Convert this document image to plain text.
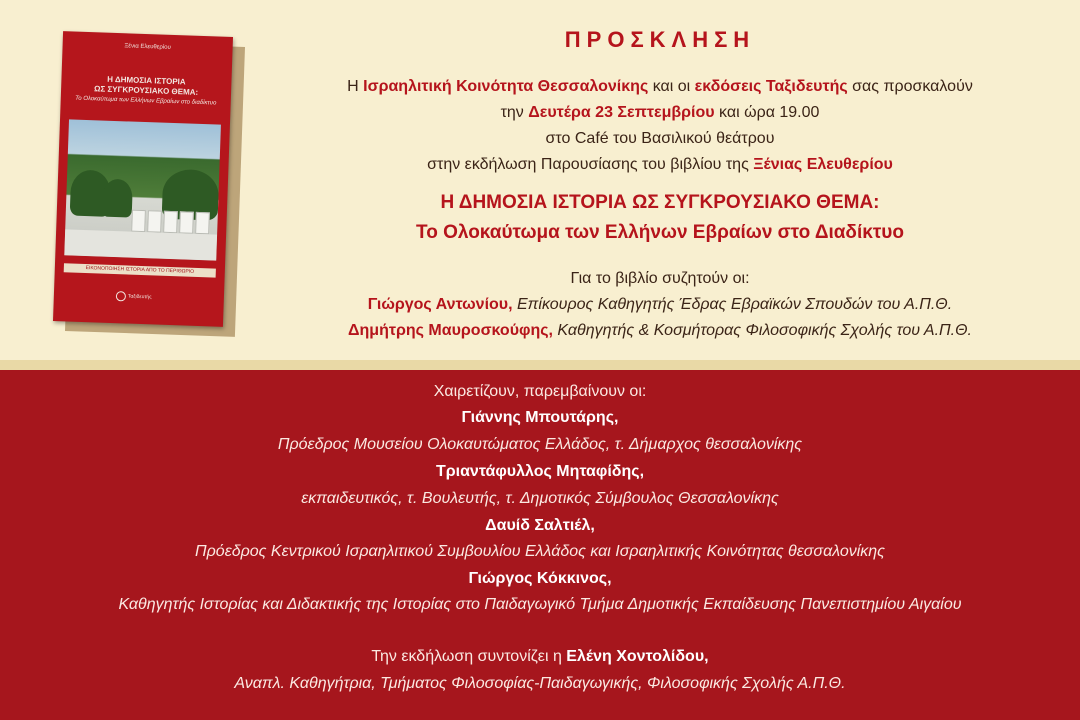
Ξένια Ελευθερίου
Η ΔΗΜΟΣΙΑ ΙΣΤΟΡΙΑ
ΩΣ ΣΥΓΚΡΟΥΣΙΑΚΟ ΘΕΜΑ:
Το Ολοκαύτωμα των Ελλήνων Εβραίων στο διαδίκτυο
ΕΙΚΟΝΟΠΟΙΗΣΗ ΙΣΤΟΡΙΑ ΑΠΟ ΤΟ ΠΕΡΙΘΩΡΙΟ
Ταξιδευτής
ΠΡΟΣΚΛΗΣΗ
Η Ισραηλιτική Κοινότητα Θεσσαλονίκης και οι εκδόσεις Ταξιδευτής σας προσκαλούν
την Δευτέρα 23 Σεπτεμβρίου και ώρα 19.00
στο Café του Βασιλικού θεάτρου
στην εκδήλωση Παρουσίασης του βιβλίου της Ξένιας Ελευθερίου
Η ΔΗΜΟΣΙΑ ΙΣΤΟΡΙΑ ΩΣ ΣΥΓΚΡΟΥΣΙΑΚΟ ΘΕΜΑ:
Το Ολοκαύτωμα των Ελλήνων Εβραίων στο Διαδίκτυο
Για το βιβλίο συζητούν οι:
Γιώργος Αντωνίου, Επίκουρος Καθηγητής Έδρας Εβραϊκών Σπουδών του Α.Π.Θ.
Δημήτρης Μαυροσκούφης, Καθηγητής & Κοσμήτορας Φιλοσοφικής Σχολής του Α.Π.Θ.
Χαιρετίζουν, παρεμβαίνουν οι:
Γιάννης Μπουτάρης,
Πρόεδρος Μουσείου Ολοκαυτώματος Ελλάδος, τ. Δήμαρχος θεσσαλονίκης
Τριαντάφυλλος Μηταφίδης,
εκπαιδευτικός, τ. Βουλευτής, τ. Δημοτικός Σύμβουλος Θεσσαλονίκης
Δαυίδ Σαλτιέλ,
Πρόεδρος Κεντρικού Ισραηλιτικού Συμβουλίου Ελλάδος και Ισραηλιτικής Κοινότητας θεσσαλονίκης
Γιώργος Κόκκινος,
Καθηγητής Ιστορίας και Διδακτικής της Ιστορίας στο Παιδαγωγικό Τμήμα Δημοτικής Εκπαίδευσης Πανεπιστημίου Αιγαίου
Την εκδήλωση συντονίζει η Ελένη Χοντολίδου,
Αναπλ. Καθηγήτρια, Τμήματος Φιλοσοφίας-Παιδαγωγικής, Φιλοσοφικής Σχολής Α.Π.Θ.
